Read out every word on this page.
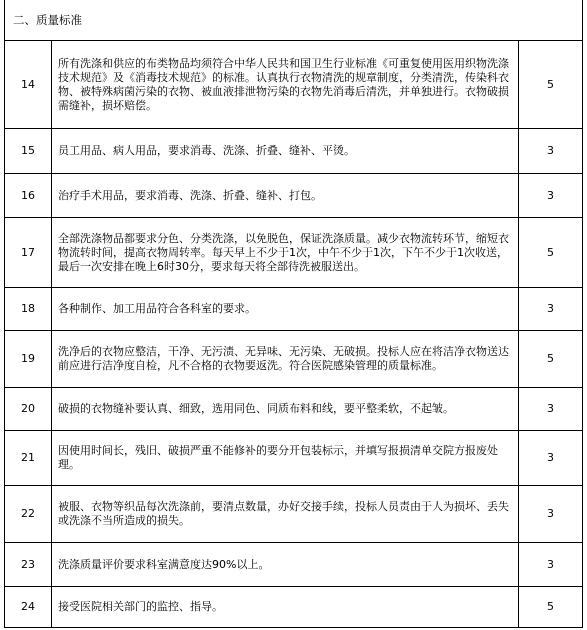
二、质量标准		
14	所有洗涤和供应的布类物品均须符合中华人民共和国卫生行业标准《可重复使用医用织物洗涤技术规范》及《消毒技术规范》的标准。认真执行衣物清洗的规章制度，分类清洗，传染科衣物、被特殊病菌污染的衣物、被血液排泄物污染的衣物先消毒后清洗，并单独进行。衣物破损需缝补，损坏赔偿。	5
15	员工用品、病人用品，要求消毒、洗涤、折叠、缝补、平烫。	3
16	治疗手术用品，要求消毒、洗涤、折叠、缝补、打包。	3
17	全部洗涤物品都要求分色、分类洗涤，以免脱色，保证洗涤质量。减少衣物流转环节，缩短衣物流转时间，提高衣物周转率。每天早上不少于1次，中午不少于1次，下午不少于1次收送，最后一次安排在晚上6时30分，要求每天将全部待洗被服送出。	5
18	各种制作、加工用品符合各科室的要求。	3
19	洗净后的衣物应整洁，干净、无污渍、无异味、无污染、无破损。投标人应在将洁净衣物送达前应进行洁净度自检，凡不合格的衣物要返洗。符合医院感染管理的质量标准。	5
20	破损的衣物缝补要认真、细致，选用同色、同质布料和线，要平整柔软，不起皱。	3
21	因使用时间长，残旧、破损严重不能修补的要分开包装标示，并填写报损清单交院方报废处理。	3
22	被服、衣物等织品每次洗涤前，要清点数量，办好交接手续，投标人员责由于人为损坏、丢失或洗涤不当所造成的损失。	3
23	洗涤质量评价要求科室满意度达90%以上。	3
24	接受医院相关部门的监控、指导。	5
